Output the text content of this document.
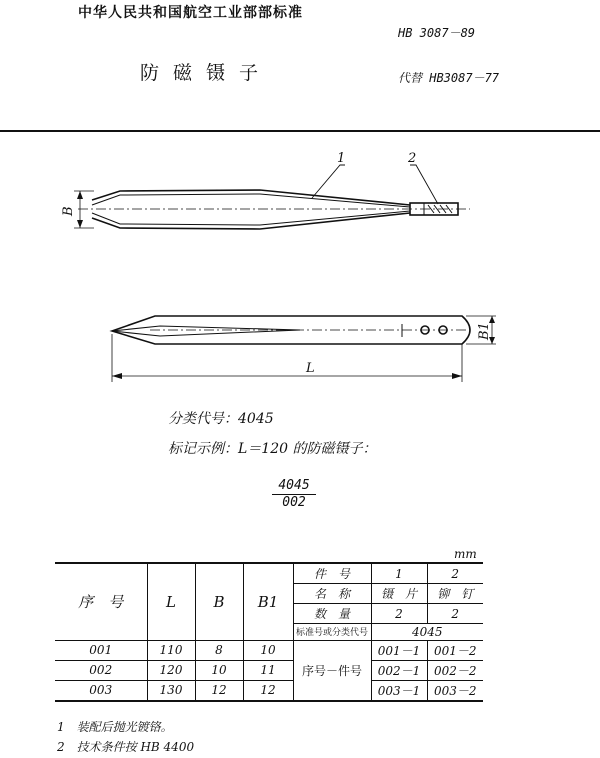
中华人民共和国航空工业部部标准
HB 3087－89
防磁镊子	代替 HB3087－77
1	2
B
B1
L
分类代号：4045
标记示例：L＝120 的防磁镊子：
$\frac{4045}{002}$
mm
序　号	L	B	B1	件　号	1	2
				名　称	镊　片	铆　钉
				数　量	2	2
				标准号或分类代号	4045	
001	110	8	10	序号－件号	001－1	001－2
002	120	10	11		002－1	002－2
003	130	12	12		003－1	003－2
1　装配后抛光镀铬。
2　技术条件按 HB 4400
